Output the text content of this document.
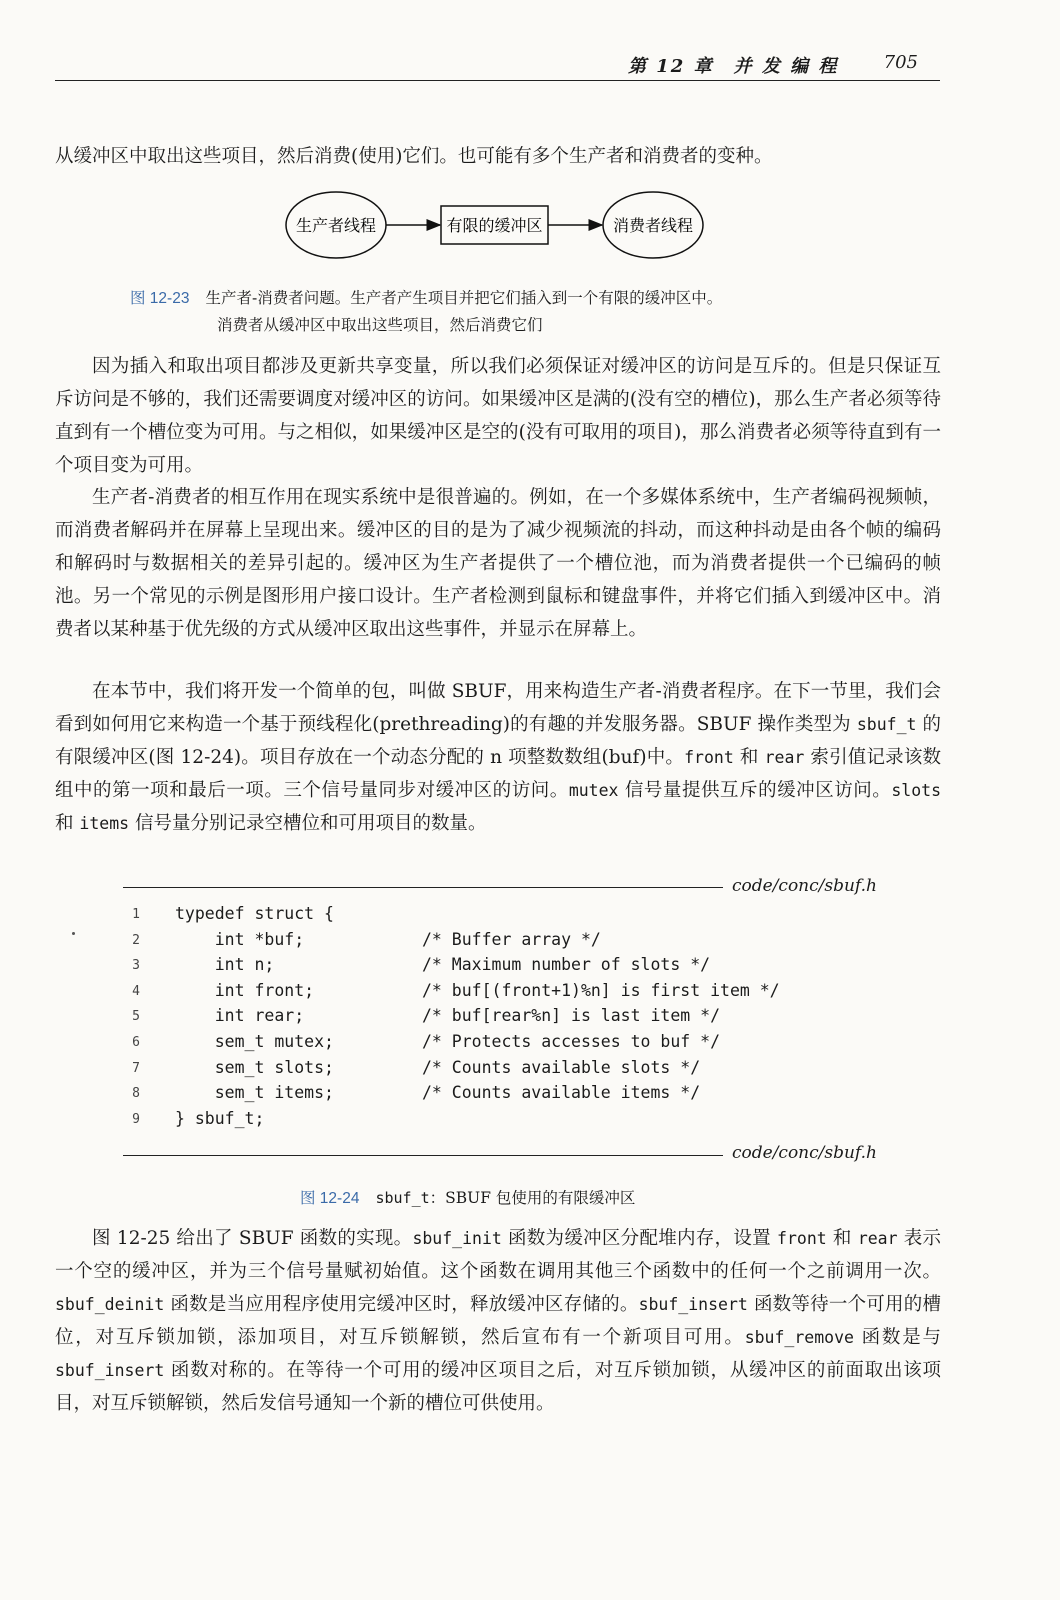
第 12 章　并 发 编 程	705

从缓冲区中取出这些项目，然后消费(使用)它们。也可能有多个生产者和消费者的变种。

生产者线程	有限的缓冲区	消费者线程
图 12-23 生产者-消费者问题。生产者产生项目并把它们插入到一个有限的缓冲区中。
消费者从缓冲区中取出这些项目，然后消费它们

因为插入和取出项目都涉及更新共享变量，所以我们必须保证对缓冲区的访问是互斥的。但是只保证互斥访问是不够的，我们还需要调度对缓冲区的访问。如果缓冲区是满的(没有空的槽位)，那么生产者必须等待直到有一个槽位变为可用。与之相似，如果缓冲区是空的(没有可取用的项目)，那么消费者必须等待直到有一个项目变为可用。

生产者-消费者的相互作用在现实系统中是很普遍的。例如，在一个多媒体系统中，生产者编码视频帧，而消费者解码并在屏幕上呈现出来。缓冲区的目的是为了减少视频流的抖动，而这种抖动是由各个帧的编码和解码时与数据相关的差异引起的。缓冲区为生产者提供了一个槽位池，而为消费者提供一个已编码的帧池。另一个常见的示例是图形用户接口设计。生产者检测到鼠标和键盘事件，并将它们插入到缓冲区中。消费者以某种基于优先级的方式从缓冲区取出这些事件，并显示在屏幕上。

在本节中，我们将开发一个简单的包，叫做 SBUF，用来构造生产者-消费者程序。在下一节里，我们会看到如何用它来构造一个基于预线程化(prethreading)的有趣的并发服务器。SBUF 操作类型为 sbuf_t 的有限缓冲区(图 12-24)。项目存放在一个动态分配的 n 项整数数组(buf)中。front 和 rear 索引值记录该数组中的第一项和最后一项。三个信号量同步对缓冲区的访问。mutex 信号量提供互斥的缓冲区访问。slots 和 items 信号量分别记录空槽位和可用项目的数量。

code/conc/sbuf.h
1 typedef struct {
2 int *buf;	/* Buffer array */
3 int n;	/* Maximum number of slots */
4 int front;	/* buf[(front+1)%n] is first item */
5 int rear;	/* buf[rear%n] is last item */
6 sem_t mutex;	/* Protects accesses to buf */
7 sem_t slots;	/* Counts available slots */
8 sem_t items;	/* Counts available items */
9 } sbuf_t;
code/conc/sbuf.h
图 12-24 sbuf_t：SBUF 包使用的有限缓冲区

图 12-25 给出了 SBUF 函数的实现。sbuf_init 函数为缓冲区分配堆内存，设置 front 和 rear 表示一个空的缓冲区，并为三个信号量赋初始值。这个函数在调用其他三个函数中的任何一个之前调用一次。sbuf_deinit 函数是当应用程序使用完缓冲区时，释放缓冲区存储的。sbuf_insert 函数等待一个可用的槽位，对互斥锁加锁，添加项目，对互斥锁解锁，然后宣布有一个新项目可用。sbuf_remove 函数是与 sbuf_insert 函数对称的。在等待一个可用的缓冲区项目之后，对互斥锁加锁，从缓冲区的前面取出该项目，对互斥锁解锁，然后发信号通知一个新的槽位可供使用。
